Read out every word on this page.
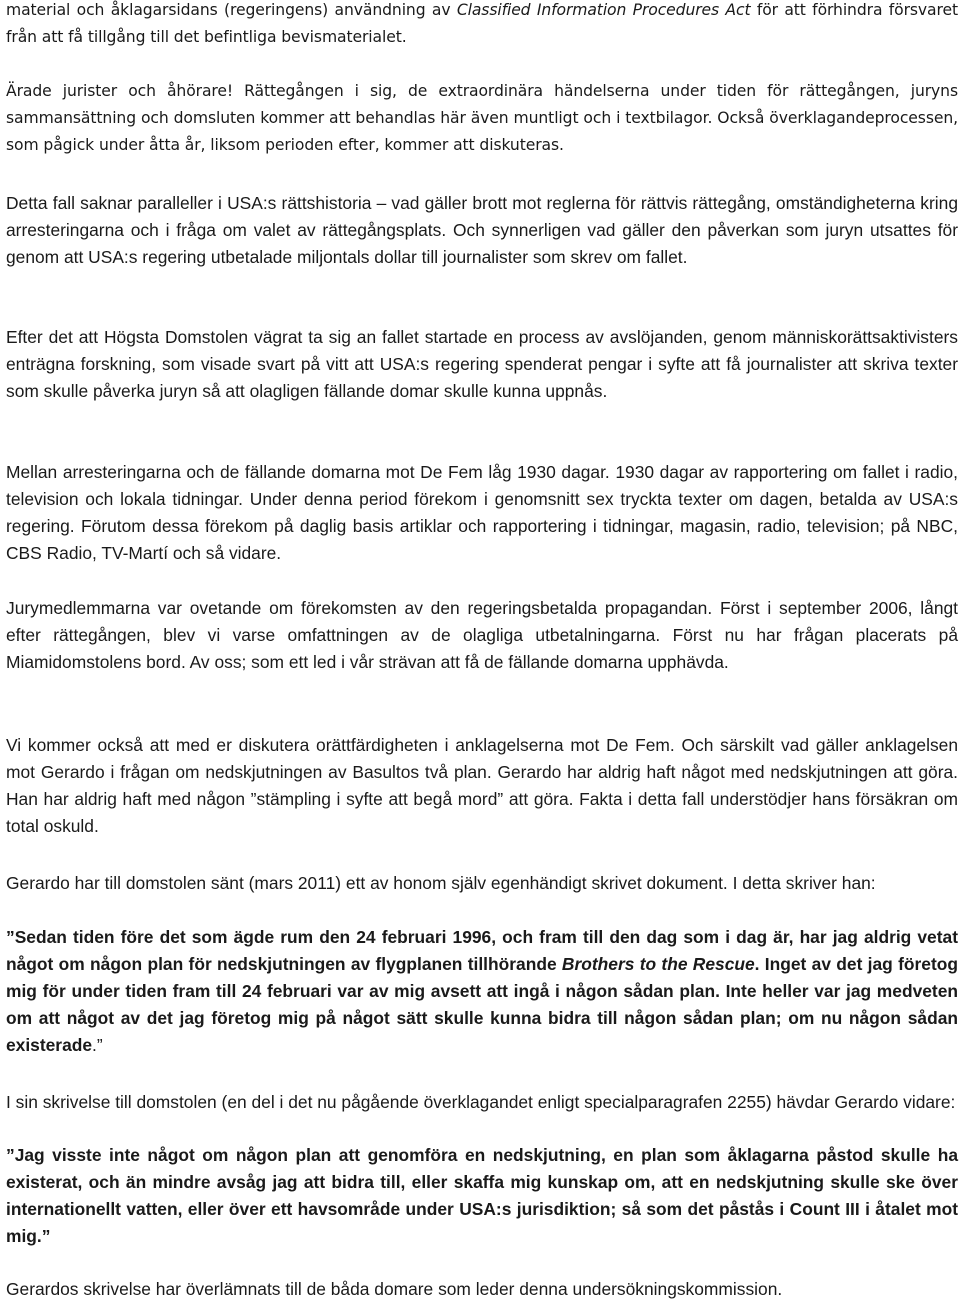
material och åklagarsidans (regeringens) användning av Classified Information Procedures Act för att förhindra försvaret från att få tillgång till det befintliga bevismaterialet.

Ärade jurister och åhörare! Rättegången i sig, de extraordinära händelserna under tiden för rättegången, juryns sammansättning och domsluten kommer att behandlas här även muntligt och i textbilagor. Också överklagandeprocessen, som pågick under åtta år, liksom perioden efter, kommer att diskuteras.

Detta fall saknar paralleller i USA:s rättshistoria – vad gäller brott mot reglerna för rättvis rättegång, omständigheterna kring arresteringarna och i fråga om valet av rättegångsplats. Och synnerligen vad gäller den påverkan som juryn utsattes för genom att USA:s regering utbetalade miljontals dollar till journalister som skrev om fallet.

Efter det att Högsta Domstolen vägrat ta sig an fallet startade en process av avslöjanden, genom människorättsaktivisters enträgna forskning, som visade svart på vitt att USA:s regering spenderat pengar i syfte att få journalister att skriva texter som skulle påverka juryn så att olagligen fällande domar skulle kunna uppnås.

Mellan arresteringarna och de fällande domarna mot De Fem låg 1930 dagar. 1930 dagar av rapportering om fallet i radio, television och lokala tidningar. Under denna period förekom i genomsnitt sex tryckta texter om dagen, betalda av USA:s regering. Förutom dessa förekom på daglig basis artiklar och rapportering i tidningar, magasin, radio, television; på NBC, CBS Radio, TV-Martí och så vidare.

Jurymedlemmarna var ovetande om förekomsten av den regeringsbetalda propagandan. Först i september 2006, långt efter rättegången, blev vi varse omfattningen av de olagliga utbetalningarna. Först nu har frågan placerats på Miamidomstolens bord. Av oss; som ett led i vår strävan att få de fällande domarna upphävda.

Vi kommer också att med er diskutera orättfärdigheten i anklagelserna mot De Fem. Och särskilt vad gäller anklagelsen mot Gerardo i frågan om nedskjutningen av Basultos två plan. Gerardo har aldrig haft något med nedskjutningen att göra. Han har aldrig haft med någon ”stämpling i syfte att begå mord” att göra. Fakta i detta fall understödjer hans försäkran om total oskuld.

Gerardo har till domstolen sänt (mars 2011) ett av honom själv egenhändigt skrivet dokument. I detta skriver han:

”Sedan tiden före det som ägde rum den 24 februari 1996, och fram till den dag som i dag är, har jag aldrig vetat något om någon plan för nedskjutningen av flygplanen tillhörande Brothers to the Rescue. Inget av det jag företog mig för under tiden fram till 24 februari var av mig avsett att ingå i någon sådan plan. Inte heller var jag medveten om att något av det jag företog mig på något sätt skulle kunna bidra till någon sådan plan; om nu någon sådan existerade.”

I sin skrivelse till domstolen (en del i det nu pågående överklagandet enligt specialparagrafen 2255) hävdar Gerardo vidare:

”Jag visste inte något om någon plan att genomföra en nedskjutning, en plan som åklagarna påstod skulle ha existerat, och än mindre avsåg jag att bidra till, eller skaffa mig kunskap om, att en nedskjutning skulle ske över internationellt vatten, eller över ett havsområde under USA:s jurisdiktion; så som det påstås i Count III i åtalet mot mig.”

Gerardos skrivelse har överlämnats till de båda domare som leder denna undersökningskommission.
